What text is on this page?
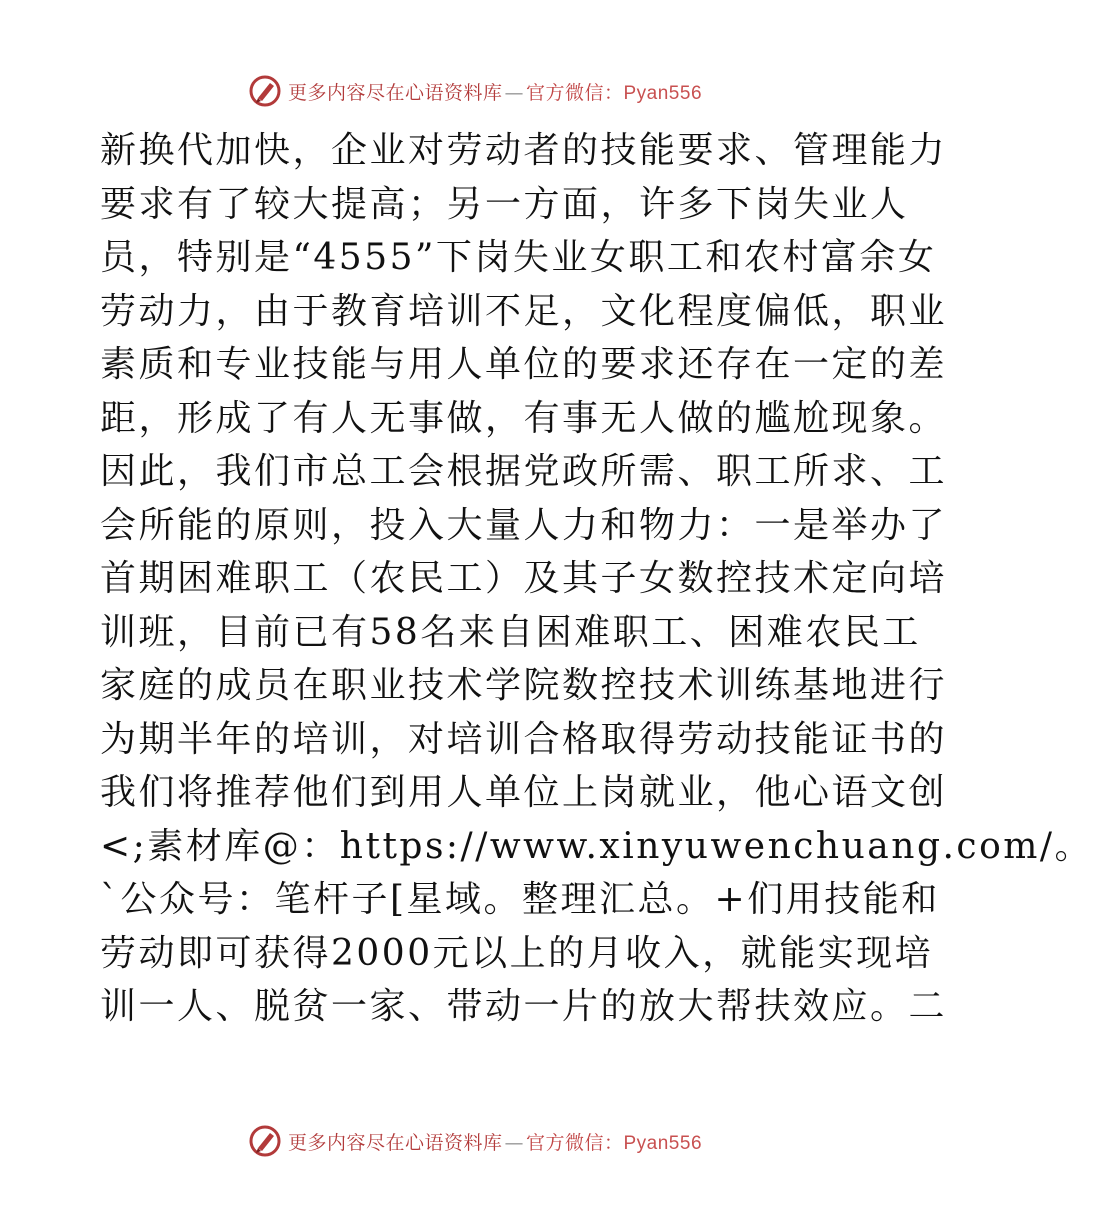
更多内容尽在心语资料库 — 官方微信：Pyan556
新换代加快，企业对劳动者的技能要求、管理能力
要求有了较大提高；另一方面，许多下岗失业人
员，特别是“4555”下岗失业女职工和农村富余女
劳动力，由于教育培训不足，文化程度偏低，职业
素质和专业技能与用人单位的要求还存在一定的差
距，形成了有人无事做，有事无人做的尴尬现象。
因此，我们市总工会根据党政所需、职工所求、工
会所能的原则，投入大量人力和物力：一是举办了
首期困难职工（农民工）及其子女数控技术定向培
训班，目前已有58名来自困难职工、困难农民工
家庭的成员在职业技术学院数控技术训练基地进行
为期半年的培训，对培训合格取得劳动技能证书的
我们将推荐他们到用人单位上岗就业，他心语文创
<;素材库@：https://www.xinyuwenchuang.com/。
`公众号：笔杆子[星域。整理汇总。+们用技能和
劳动即可获得2000元以上的月收入，就能实现培
训一人、脱贫一家、带动一片的放大帮扶效应。二
更多内容尽在心语资料库 — 官方微信：Pyan556
